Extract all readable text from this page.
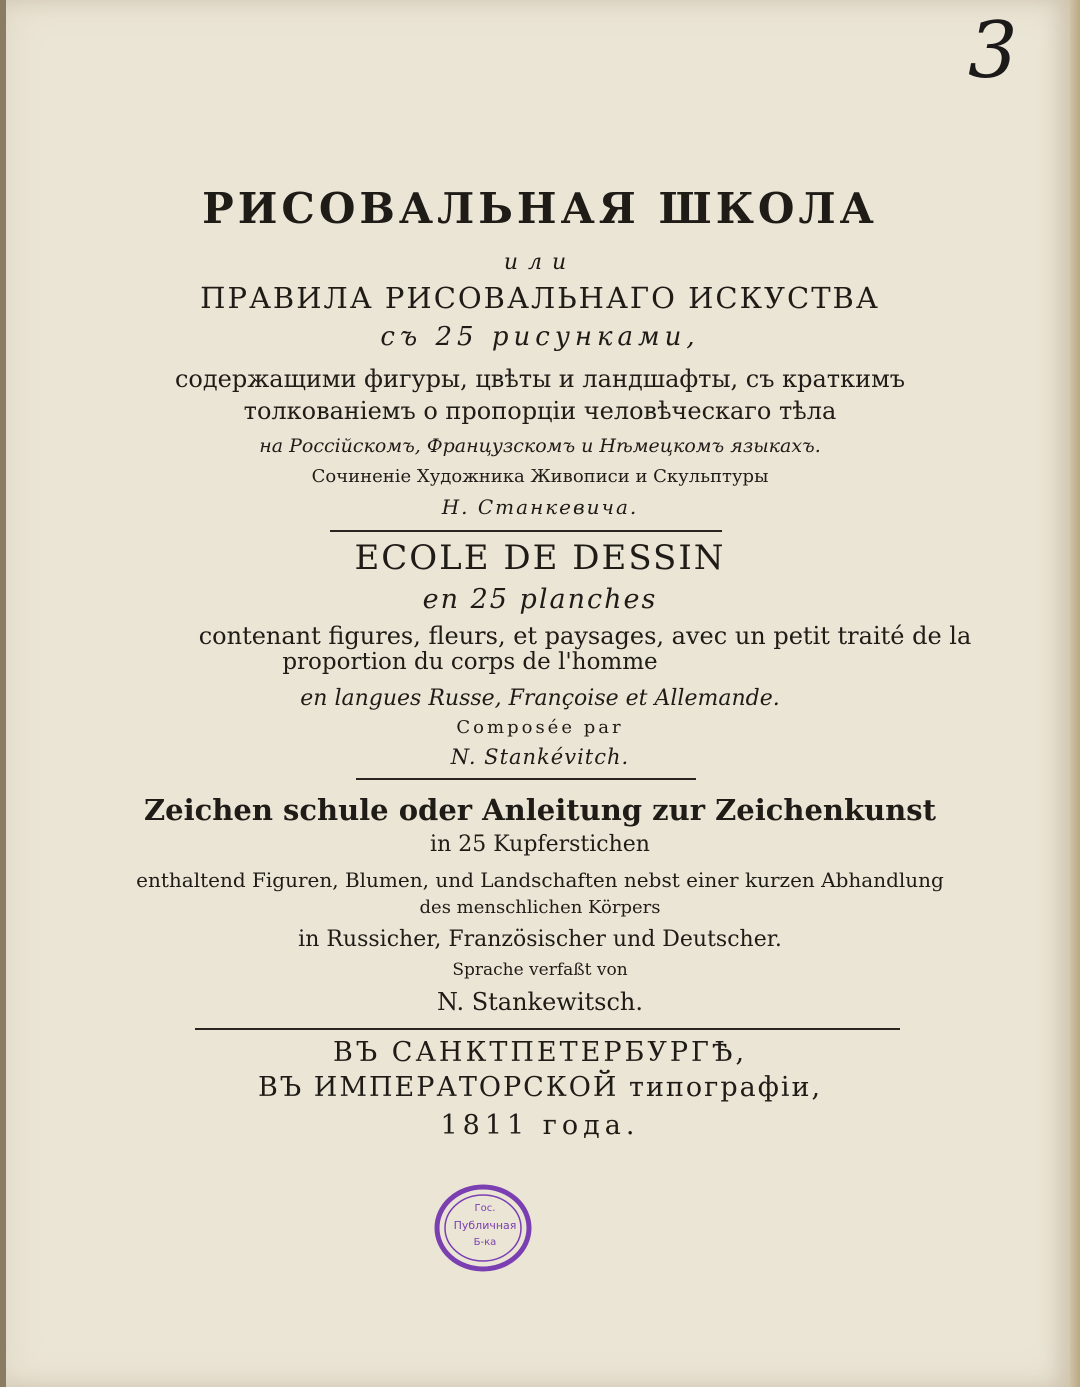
3
РИСОВАЛЬНАЯ ШКОЛА
или
ПРАВИЛА РИСОВАЛЬНАГО ИСКУСТВА
съ 25 рисунками,
содержащими фигуры, цвѣты и ландшафты, съ краткимъ
толкованіемъ о пропорціи человѣческаго тѣла
на Россійскомъ, Французскомъ и Нѣмецкомъ языкахъ.
Сочиненіе Художника Живописи и Скульптуры
Н. Станкевича.
ECOLE DE DESSIN
en 25 planches
contenant figures, fleurs, et paysages, avec un petit traité de la
proportion du corps de l'homme
en langues Russe, Françoise et Allemande.
Composée par
N. Stankévitch.
Zeichen schule oder Anleitung zur Zeichenkunst
in 25 Kupferstichen
enthaltend Figuren, Blumen, und Landschaften nebst einer kurzen Abhandlung
des menschlichen Körpers
in Russicher, Französischer und Deutscher.
Sprache verfaßt von
N. Stankewitsch.
ВЪ САНКТПЕТЕРБУРГѢ,
ВЪ ИМПЕРАТОРСКОЙ типографіи,
1811 года.
Гос.
Публичная
Б-ка
